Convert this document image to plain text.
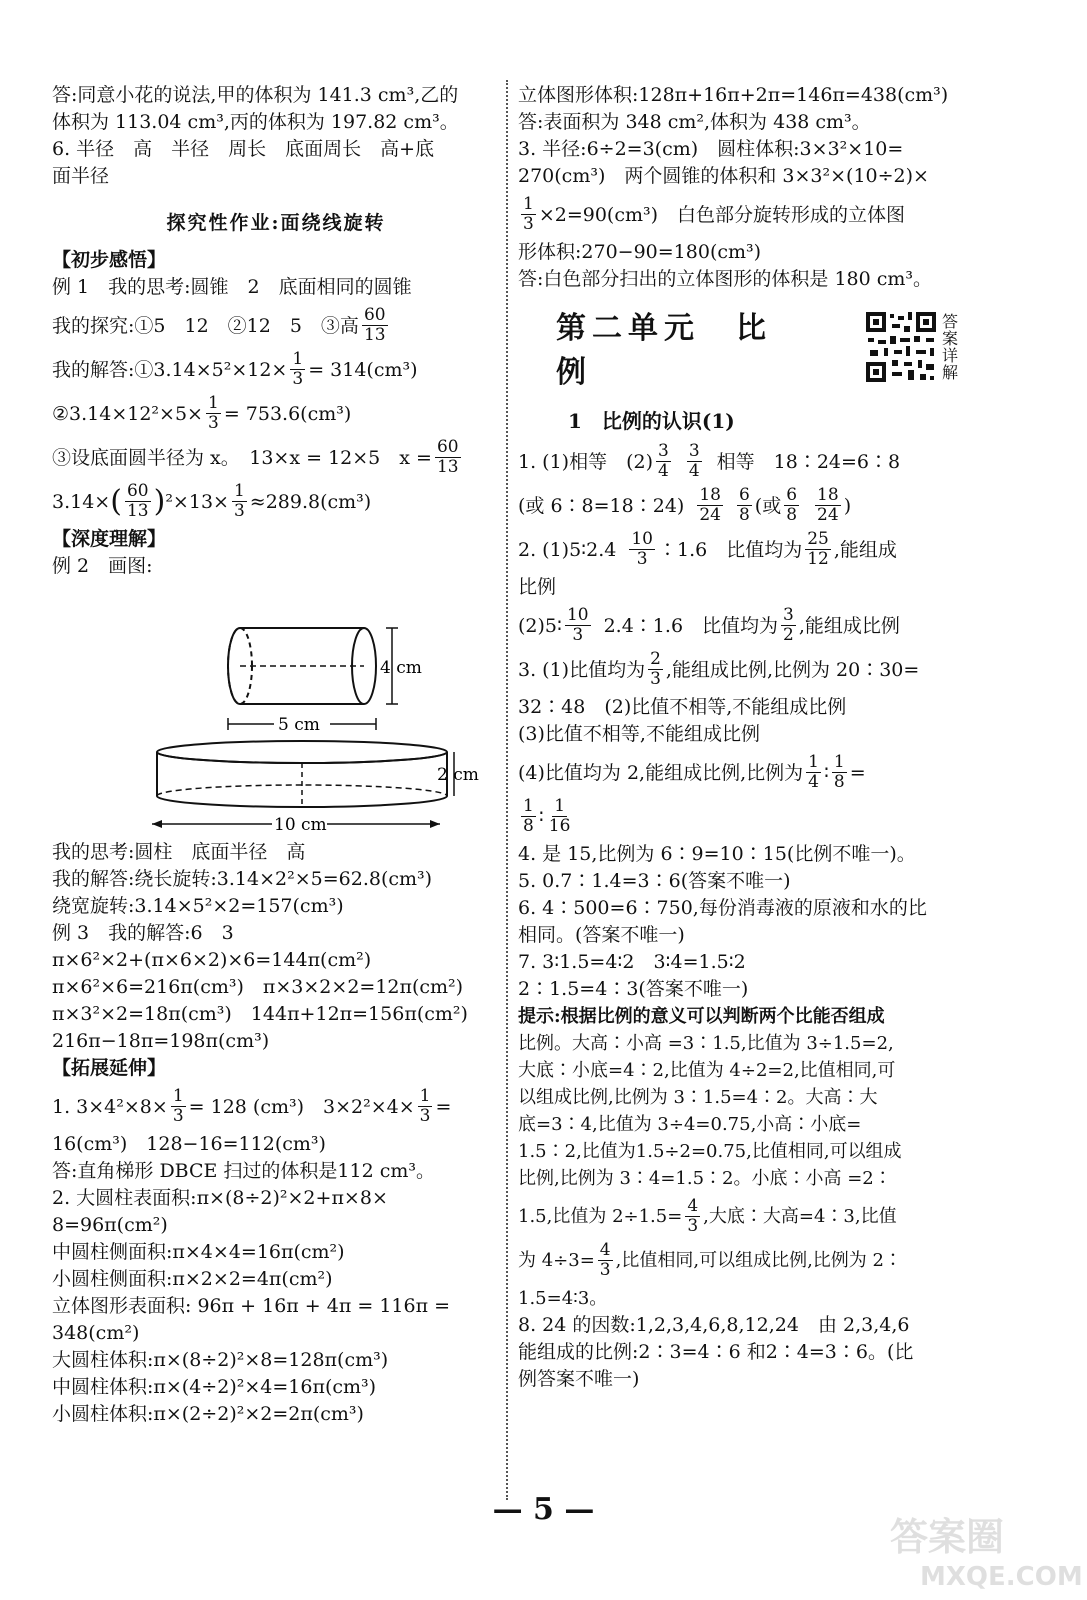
答:同意小花的说法,甲的体积为 141.3 cm³,乙的
体积为 113.04 cm³,丙的体积为 197.82 cm³。
6. 半径　高　半径　周长　底面周长　高+底
面半径
探究性作业:面绕线旋转
【初步感悟】
例 1　我的思考:圆锥　2　底面相同的圆锥
我的探究:①5　12　②12　5　③高 $\frac{60}{13}$
我的解答:①3.14×5²×12× $\frac{1}{3} = 314(cm^3)$
②3.14×12²×5× $\frac{1}{3} = 753.6(cm^3)$
③设底面圆半径为 x。　13×x = 12×5　$x = \frac{60}{13}$
3.14× ( $\frac{60}{13}$ ) $^2\times 13\times \frac{1}{3} \approx 289.8(cm^3)$
【深度理解】
例 2　画图:
4 cm
5 cm
2 cm
10 cm
我的思考:圆柱　底面半径　高
我的解答:绕长旋转:3.14×2²×5=62.8(cm³)
绕宽旋转:3.14×5²×2=157(cm³)
例 3　我的解答:6　3
π×6²×2+(π×6×2)×6=144π(cm²)
π×6²×6=216π(cm³)　π×3×2×2=12π(cm²)
π×3²×2=18π(cm³)　144π+12π=156π(cm²)
216π−18π=198π(cm³)
【拓展延伸】
1. $3\times 4^2\times 8\times \frac{1}{3} = 128$ (cm³)　$3\times 2^2\times 4\times \frac{1}{3}$ =
16(cm³)　128−16=112(cm³)
答:直角梯形 DBCE 扫过的体积是112 cm³。
2. 大圆柱表面积:π×(8÷2)²×2+π×8×
8=96π(cm²)
中圆柱侧面积:π×4×4=16π(cm²)
小圆柱侧面积:π×2×2=4π(cm²)
立体图形表面积: 96π + 16π + 4π = 116π =
348(cm²)
大圆柱体积:π×(8÷2)²×8=128π(cm³)
中圆柱体积:π×(4÷2)²×4=16π(cm³)
小圆柱体积:π×(2÷2)²×2=2π(cm³)
立体图形体积:128π+16π+2π=146π=438(cm³)
答:表面积为 348 cm²,体积为 438 cm³。
3. 半径:6÷2=3(cm)　圆柱体积:3×3²×10=
270(cm³)　两个圆锥的体积和 3×3²×(10÷2)×
$\frac{1}{3} \times 2=90(cm^3)$　白色部分旋转形成的立体图
形体积:270−90=180(cm³)
答:白色部分扫出的立体图形的体积是 180 cm³。
第二单元　比　例
答
案
详
解
1　比例的认识(1)
1. (1)相等　$(2) \frac{3}{4} \frac{3}{4}$ 相等　18∶24=6∶8
(或 6∶8=18∶24) $\frac{18}{24} \frac{6}{8}$ (或 $\frac{6}{8} \frac{18}{24}$ )
2. (1)5∶2.4 $\frac{10}{3}$ ∶1.6　比值均为 $\frac{25}{12}$ ,能组成
比例
(2)5∶ $\frac{10}{3}$ 2.4∶1.6　比值均为 $\frac{3}{2}$ ,能组成比例
3. (1)比值均为 $\frac{2}{3}$ ,能组成比例,比例为 20∶30=
32∶48　(2)比值不相等,不能组成比例
(3)比值不相等,不能组成比例
(4)比值均为 2,能组成比例,比例为 $\frac{1}{4}$ ∶ $\frac{1}{8}$ =
$\frac{1}{8}$ ∶ $\frac{1}{16}$
4. 是 15,比例为 6∶9=10∶15(比例不唯一)。
5. 0.7∶1.4=3∶6(答案不唯一)
6. 4∶500=6∶750,每份消毒液的原液和水的比
相同。(答案不唯一)
7. 3∶1.5=4∶2　3∶4=1.5∶2
2∶1.5=4∶3(答案不唯一)
提示:根据比例的意义可以判断两个比能否组成
比例。大高∶小高 =3∶1.5,比值为 3÷1.5=2,
大底∶小底=4∶2,比值为 4÷2=2,比值相同,可
以组成比例,比例为 3∶1.5=4∶2。大高∶大
底=3∶4,比值为 3÷4=0.75,小高∶小底=
1.5∶2,比值为1.5÷2=0.75,比值相同,可以组成
比例,比例为 3∶4=1.5∶2。小底∶小高 =2∶
1.5,比值为 $2\div 1.5= \frac{4}{3}$ ,大底∶大高=4∶3,比值
为 $4\div 3= \frac{4}{3}$ ,比值相同,可以组成比例,比例为 2∶
1.5=4∶3。
8. 24 的因数:1,2,3,4,6,8,12,24　由 2,3,4,6
能组成的比例:2∶3=4∶6 和2∶4=3∶6。(比
例答案不唯一)
— 5 —
答案圈
MXQE.COM
